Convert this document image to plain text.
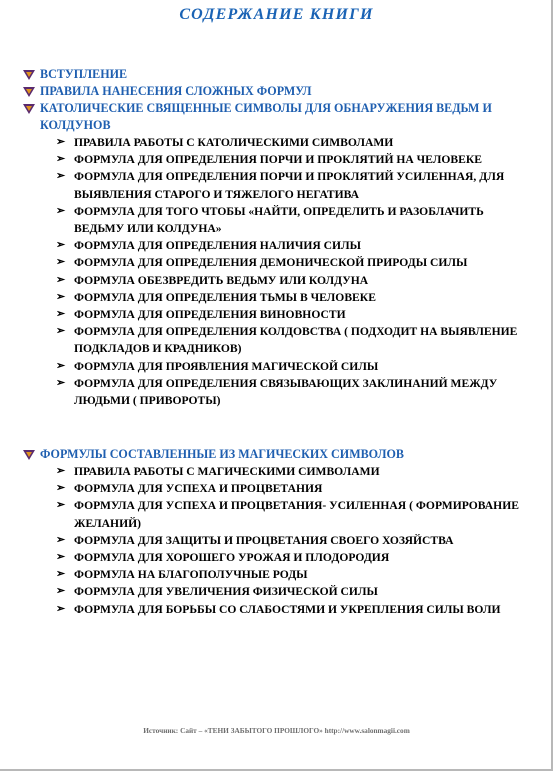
СОДЕРЖАНИЕ КНИГИ
ВСТУПЛЕНИЕ
ПРАВИЛА НАНЕСЕНИЯ СЛОЖНЫХ ФОРМУЛ
КАТОЛИЧЕСКИЕ СВЯЩЕННЫЕ СИМВОЛЫ ДЛЯ ОБНАРУЖЕНИЯ ВЕДЬМ И КОЛДУНОВ
➢ ПРАВИЛА РАБОТЫ С КАТОЛИЧЕСКИМИ СИМВОЛАМИ
➢ ФОРМУЛА ДЛЯ ОПРЕДЕЛЕНИЯ ПОРЧИ И ПРОКЛЯТИЙ НА ЧЕЛОВЕКЕ
➢ ФОРМУЛА ДЛЯ ОПРЕДЕЛЕНИЯ ПОРЧИ И ПРОКЛЯТИЙ УСИЛЕННАЯ, ДЛЯ ВЫЯВЛЕНИЯ СТАРОГО И ТЯЖЕЛОГО НЕГАТИВА
➢ ФОРМУЛА ДЛЯ ТОГО ЧТОБЫ «НАЙТИ, ОПРЕДЕЛИТЬ И РАЗОБЛАЧИТЬ ВЕДЬМУ ИЛИ КОЛДУНА»
➢ ФОРМУЛА ДЛЯ ОПРЕДЕЛЕНИЯ НАЛИЧИЯ СИЛЫ
➢ ФОРМУЛА ДЛЯ ОПРЕДЕЛЕНИЯ ДЕМОНИЧЕСКОЙ ПРИРОДЫ СИЛЫ
➢ ФОРМУЛА ОБЕЗВРЕДИТЬ ВЕДЬМУ ИЛИ КОЛДУНА
➢ ФОРМУЛА ДЛЯ ОПРЕДЕЛЕНИЯ ТЬМЫ В ЧЕЛОВЕКЕ
➢ ФОРМУЛА ДЛЯ ОПРЕДЕЛЕНИЯ ВИНОВНОСТИ
➢ ФОРМУЛА ДЛЯ ОПРЕДЕЛЕНИЯ КОЛДОВСТВА ( ПОДХОДИТ НА ВЫЯВЛЕНИЕ ПОДКЛАДОВ И КРАДНИКОВ)
➢ ФОРМУЛА ДЛЯ ПРОЯВЛЕНИЯ МАГИЧЕСКОЙ СИЛЫ
➢ ФОРМУЛА ДЛЯ ОПРЕДЕЛЕНИЯ СВЯЗЫВАЮЩИХ ЗАКЛИНАНИЙ МЕЖДУ ЛЮДЬМИ ( ПРИВОРОТЫ)
ФОРМУЛЫ СОСТАВЛЕННЫЕ ИЗ МАГИЧЕСКИХ СИМВОЛОВ
➢ ПРАВИЛА РАБОТЫ С МАГИЧЕСКИМИ СИМВОЛАМИ
➢ ФОРМУЛА ДЛЯ УСПЕХА И ПРОЦВЕТАНИЯ
➢ ФОРМУЛА ДЛЯ УСПЕХА И ПРОЦВЕТАНИЯ- УСИЛЕННАЯ ( ФОРМИРОВАНИЕ ЖЕЛАНИЙ)
➢ ФОРМУЛА ДЛЯ ЗАЩИТЫ И ПРОЦВЕТАНИЯ СВОЕГО ХОЗЯЙСТВА
➢ ФОРМУЛА ДЛЯ ХОРОШЕГО УРОЖАЯ И ПЛОДОРОДИЯ
➢ ФОРМУЛА НА БЛАГОПОЛУЧНЫЕ РОДЫ
➢ ФОРМУЛА ДЛЯ УВЕЛИЧЕНИЯ ФИЗИЧЕСКОЙ СИЛЫ
➢ ФОРМУЛА ДЛЯ БОРЬБЫ СО СЛАБОСТЯМИ И УКРЕПЛЕНИЯ СИЛЫ ВОЛИ
Источник: Сайт – «ТЕНИ ЗАБЫТОГО ПРОШЛОГО» http://www.salonmagii.com
